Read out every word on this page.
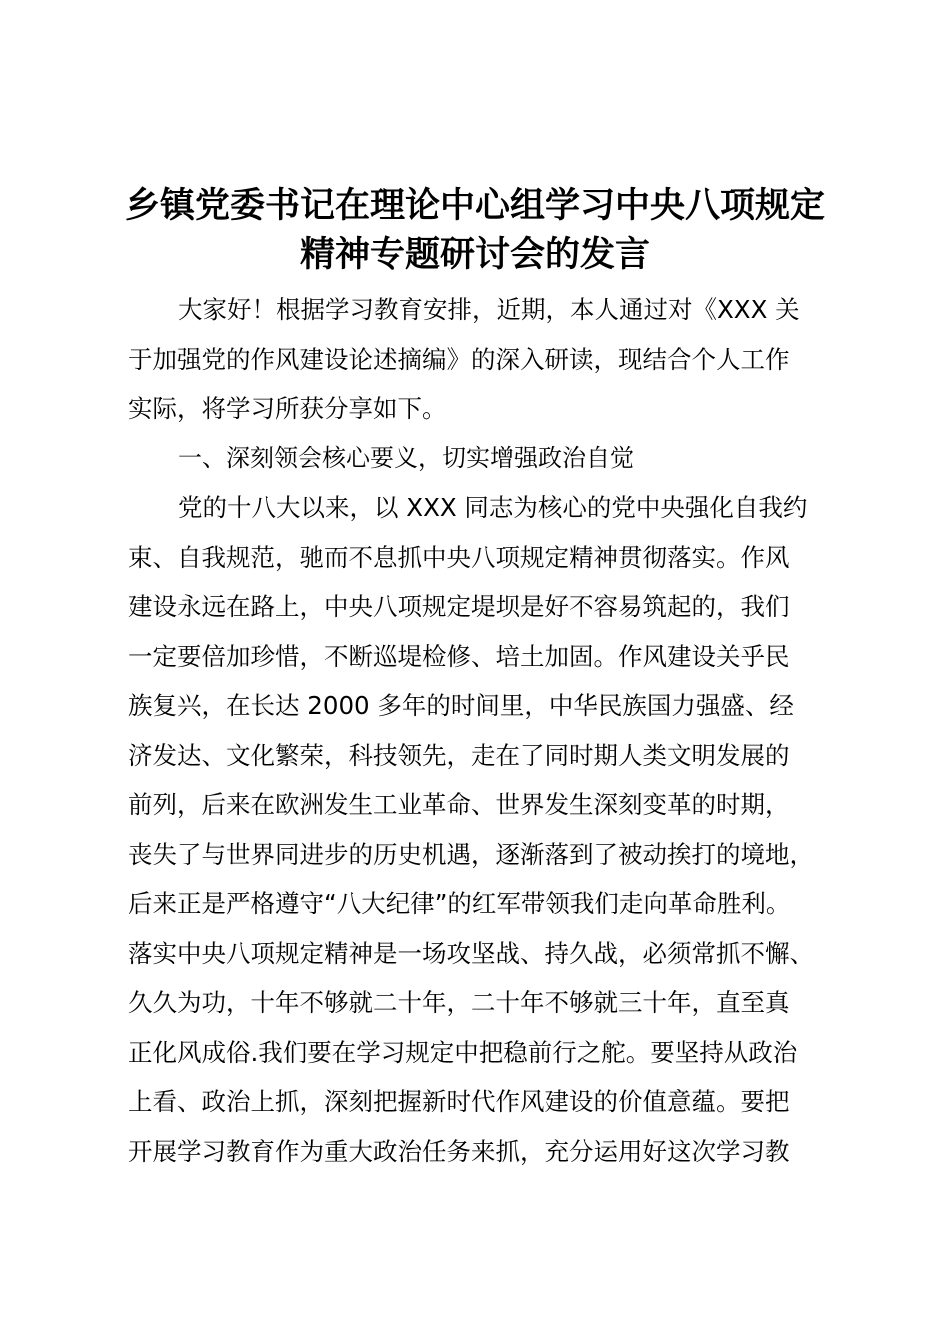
乡镇党委书记在理论中心组学习中央八项规定
精神专题研讨会的发言
大家好！根据学习教育安排，近期，本人通过对《XXX 关
于加强党的作风建设论述摘编》的深入研读，现结合个人工作
实际，将学习所获分享如下。
一、深刻领会核心要义，切实增强政治自觉
党的十八大以来，以 XXX 同志为核心的党中央强化自我约
束、自我规范，驰而不息抓中央八项规定精神贯彻落实。作风
建设永远在路上，中央八项规定堤坝是好不容易筑起的，我们
一定要倍加珍惜，不断巡堤检修、培土加固。作风建设关乎民
族复兴，在长达 2000 多年的时间里，中华民族国力强盛、经
济发达、文化繁荣，科技领先，走在了同时期人类文明发展的
前列，后来在欧洲发生工业革命、世界发生深刻变革的时期，
丧失了与世界同进步的历史机遇，逐渐落到了被动挨打的境地，
后来正是严格遵守“八大纪律”的红军带领我们走向革命胜利。
落实中央八项规定精神是一场攻坚战、持久战，必须常抓不懈、
久久为功，十年不够就二十年，二十年不够就三十年，直至真
正化风成俗.我们要在学习规定中把稳前行之舵。要坚持从政治
上看、政治上抓，深刻把握新时代作风建设的价值意蕴。要把
开展学习教育作为重大政治任务来抓，充分运用好这次学习教
